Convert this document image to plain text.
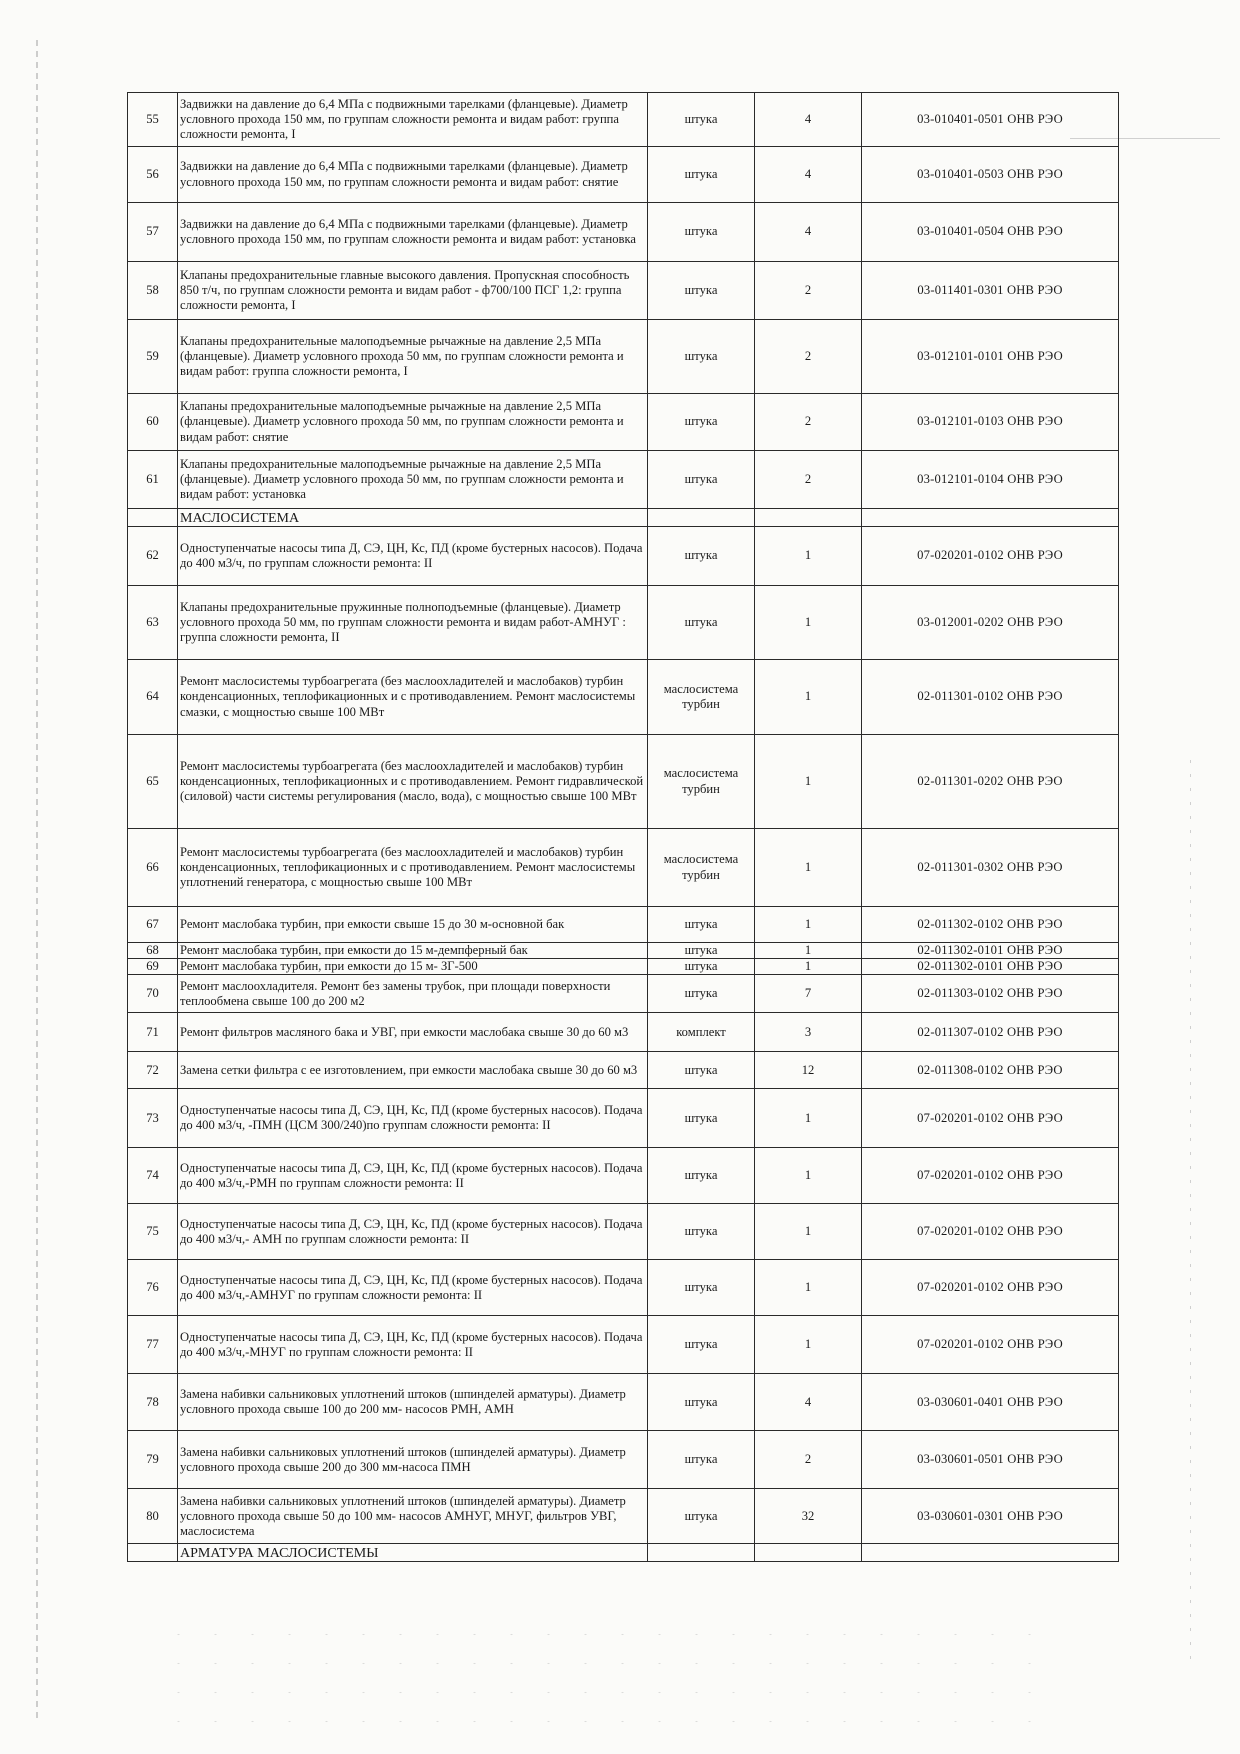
55	Задвижки на давление до 6,4 МПа с подвижными тарелками (фланцевые). Диаметр условного прохода 150 мм, по группам сложности ремонта и видам работ: группа сложности ремонта, I	штука	4	03-010401-0501 ОНВ РЭО
56	Задвижки на давление до 6,4 МПа с подвижными тарелками (фланцевые). Диаметр условного прохода 150 мм, по группам сложности ремонта и видам работ: снятие	штука	4	03-010401-0503 ОНВ РЭО
57	Задвижки на давление до 6,4 МПа с подвижными тарелками (фланцевые). Диаметр условного прохода 150 мм, по группам сложности ремонта и видам работ: установка	штука	4	03-010401-0504 ОНВ РЭО
58	Клапаны предохранительные главные высокого давления. Пропускная способность 850 т/ч, по группам сложности ремонта и видам работ - ф700/100 ПСГ 1,2: группа сложности ремонта, I	штука	2	03-011401-0301 ОНВ РЭО
59	Клапаны предохранительные малоподъемные рычажные на давление 2,5 МПа (фланцевые). Диаметр условного прохода 50 мм, по группам сложности ремонта и видам работ: группа сложности ремонта, I	штука	2	03-012101-0101 ОНВ РЭО
60	Клапаны предохранительные малоподъемные рычажные на давление 2,5 МПа (фланцевые). Диаметр условного прохода 50 мм, по группам сложности ремонта и видам работ: снятие	штука	2	03-012101-0103 ОНВ РЭО
61	Клапаны предохранительные малоподъемные рычажные на давление 2,5 МПа (фланцевые). Диаметр условного прохода 50 мм, по группам сложности ремонта и видам работ: установка	штука	2	03-012101-0104 ОНВ РЭО
	МАСЛОСИСТЕМА			
62	Одноступенчатые насосы типа Д, СЭ, ЦН, Кс, ПД (кроме бустерных насосов). Подача до 400 м3/ч, по группам сложности ремонта: II	штука	1	07-020201-0102 ОНВ РЭО
63	Клапаны предохранительные пружинные полноподъемные (фланцевые). Диаметр условного прохода 50 мм, по группам сложности ремонта и видам работ-АМНУГ : группа сложности ремонта, II	штука	1	03-012001-0202 ОНВ РЭО
64	Ремонт маслосистемы турбоагрегата (без маслоохладителей и маслобаков) турбин конденсационных, теплофикационных и с противодавлением. Ремонт маслосистемы смазки, с мощностью свыше 100 МВт	маслосистема турбин	1	02-011301-0102 ОНВ РЭО
65	Ремонт маслосистемы турбоагрегата (без маслоохладителей и маслобаков) турбин конденсационных, теплофикационных и с противодавлением. Ремонт гидравлической (силовой) части системы регулирования (масло, вода), с мощностью свыше 100 МВт	маслосистема турбин	1	02-011301-0202 ОНВ РЭО
66	Ремонт маслосистемы турбоагрегата (без маслоохладителей и маслобаков) турбин конденсационных, теплофикационных и с противодавлением. Ремонт маслосистемы уплотнений генератора, с мощностью свыше 100 МВт	маслосистема турбин	1	02-011301-0302 ОНВ РЭО
67	Ремонт маслобака турбин, при емкости свыше 15 до 30 м-основной бак	штука	1	02-011302-0102 ОНВ РЭО
68	Ремонт маслобака турбин, при емкости до 15 м-демпферный бак	штука	1	02-011302-0101 ОНВ РЭО
69	Ремонт маслобака турбин, при емкости до 15 м- ЗГ-500	штука	1	02-011302-0101 ОНВ РЭО
70	Ремонт маслоохладителя. Ремонт без замены трубок, при площади поверхности теплообмена свыше 100 до 200 м2	штука	7	02-011303-0102 ОНВ РЭО
71	Ремонт фильтров масляного бака и УВГ, при емкости маслобака свыше 30 до 60 м3	комплект	3	02-011307-0102 ОНВ РЭО
72	Замена сетки фильтра с ее изготовлением, при емкости маслобака свыше 30 до 60 м3	штука	12	02-011308-0102 ОНВ РЭО
73	Одноступенчатые насосы типа Д, СЭ, ЦН, Кс, ПД (кроме бустерных насосов). Подача до 400 м3/ч, -ПМН (ЦСМ 300/240)по группам сложности ремонта: II	штука	1	07-020201-0102 ОНВ РЭО
74	Одноступенчатые насосы типа Д, СЭ, ЦН, Кс, ПД (кроме бустерных насосов). Подача до 400 м3/ч,-РМН по группам сложности ремонта: II	штука	1	07-020201-0102 ОНВ РЭО
75	Одноступенчатые насосы типа Д, СЭ, ЦН, Кс, ПД (кроме бустерных насосов). Подача до 400 м3/ч,- АМН по группам сложности ремонта: II	штука	1	07-020201-0102 ОНВ РЭО
76	Одноступенчатые насосы типа Д, СЭ, ЦН, Кс, ПД (кроме бустерных насосов). Подача до 400 м3/ч,-АМНУГ по группам сложности ремонта: II	штука	1	07-020201-0102 ОНВ РЭО
77	Одноступенчатые насосы типа Д, СЭ, ЦН, Кс, ПД (кроме бустерных насосов). Подача до 400 м3/ч,-МНУГ по группам сложности ремонта: II	штука	1	07-020201-0102 ОНВ РЭО
78	Замена набивки сальниковых уплотнений штоков (шпинделей арматуры). Диаметр условного прохода свыше 100 до 200 мм- насосов РМН, АМН	штука	4	03-030601-0401 ОНВ РЭО
79	Замена набивки сальниковых уплотнений штоков (шпинделей арматуры). Диаметр условного прохода свыше 200 до 300 мм-насоса ПМН	штука	2	03-030601-0501 ОНВ РЭО
80	Замена набивки сальниковых уплотнений штоков (шпинделей арматуры). Диаметр условного прохода свыше 50 до 100 мм- насосов АМНУГ, МНУГ, фильтров УВГ, маслосистема	штука	32	03-030601-0301 ОНВ РЭО
	АРМАТУРА МАСЛОСИСТЕМЫ			
